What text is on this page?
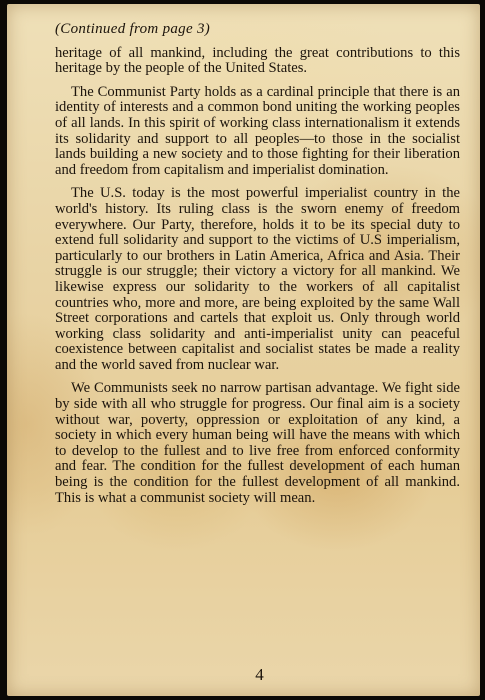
(Continued from page 3)

heritage of all mankind, including the great contributions to this heritage by the people of the United States.

The Communist Party holds as a cardinal principle that there is an identity of interests and a common bond uniting the working peoples of all lands. In this spirit of working class internationalism it extends its solidarity and support to all peoples—to those in the socialist lands building a new society and to those fighting for their liberation and freedom from capitalism and imperialist domination.

The U.S. today is the most powerful imperialist country in the world's history. Its ruling class is the sworn enemy of freedom everywhere. Our Party, therefore, holds it to be its special duty to extend full solidarity and support to the victims of U.S imperialism, particularly to our brothers in Latin America, Africa and Asia. Their struggle is our struggle; their victory a victory for all mankind. We likewise express our solidarity to the workers of all capitalist countries who, more and more, are being exploited by the same Wall Street corporations and cartels that exploit us. Only through world working class solidarity and anti-imperialist unity can peaceful coexistence between capitalist and socialist states be made a reality and the world saved from nuclear war.

We Communists seek no narrow partisan advantage. We fight side by side with all who struggle for progress. Our final aim is a society without war, poverty, oppression or exploitation of any kind, a society in which every human being will have the means with which to develop to the fullest and to live free from enforced conformity and fear. The condition for the fullest development of each human being is the condition for the fullest development of all mankind. This is what a communist society will mean.

4
